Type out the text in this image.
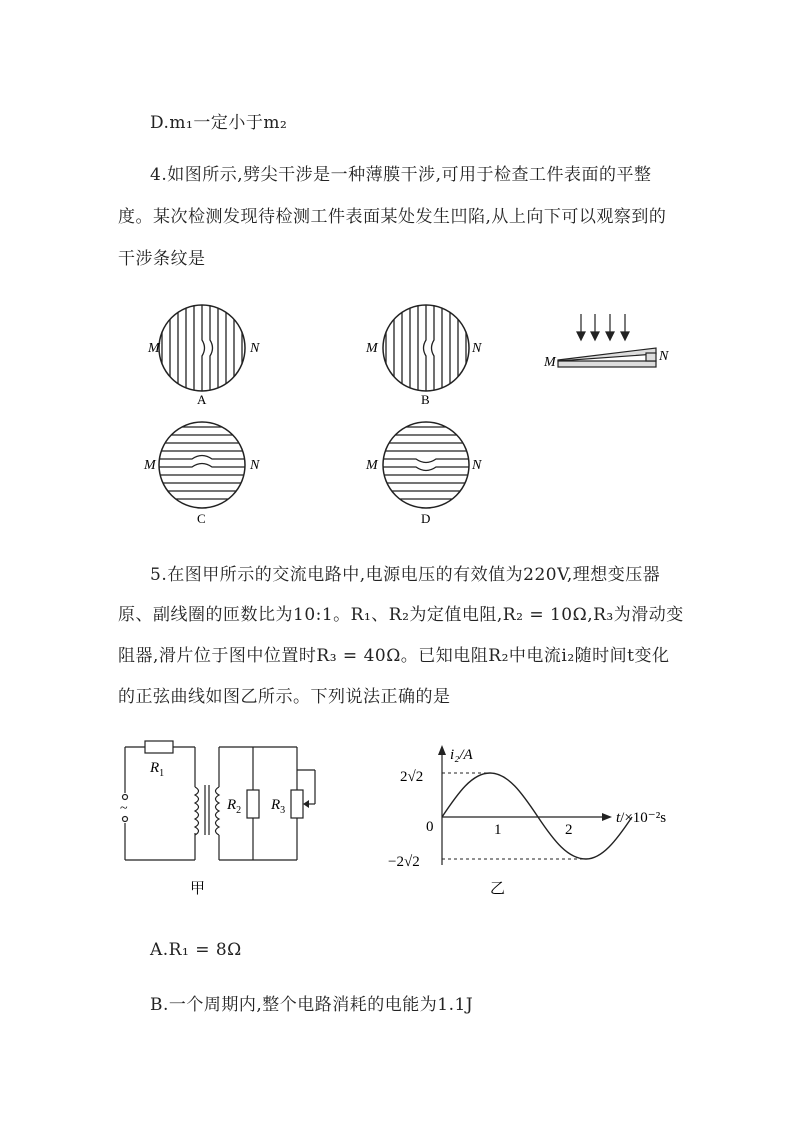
D.m₁一定小于m₂
4.如图所示,劈尖干涉是一种薄膜干涉,可用于检查工件表面的平整
度。某次检测发现待检测工件表面某处发生凹陷,从上向下可以观察到的
干涉条纹是
M	N
A
M	N
B
M	N
C
M	N
D
M	N
5.在图甲所示的交流电路中,电源电压的有效值为220V,理想变压器
原、副线圈的匝数比为10:1。R₁、R₂为定值电阻,R₂ = 10Ω,R₃为滑动变
阻器,滑片位于图中位置时R₃ = 40Ω。已知电阻R₂中电流i₂随时间t变化
的正弦曲线如图乙所示。下列说法正确的是
~
$R_1$
$R_2$ $R_3$
甲
i₂/A
t/×10⁻²s
2√2
−2√2
0	1	2
乙
A.R₁ = 8Ω
B.一个周期内,整个电路消耗的电能为1.1J
